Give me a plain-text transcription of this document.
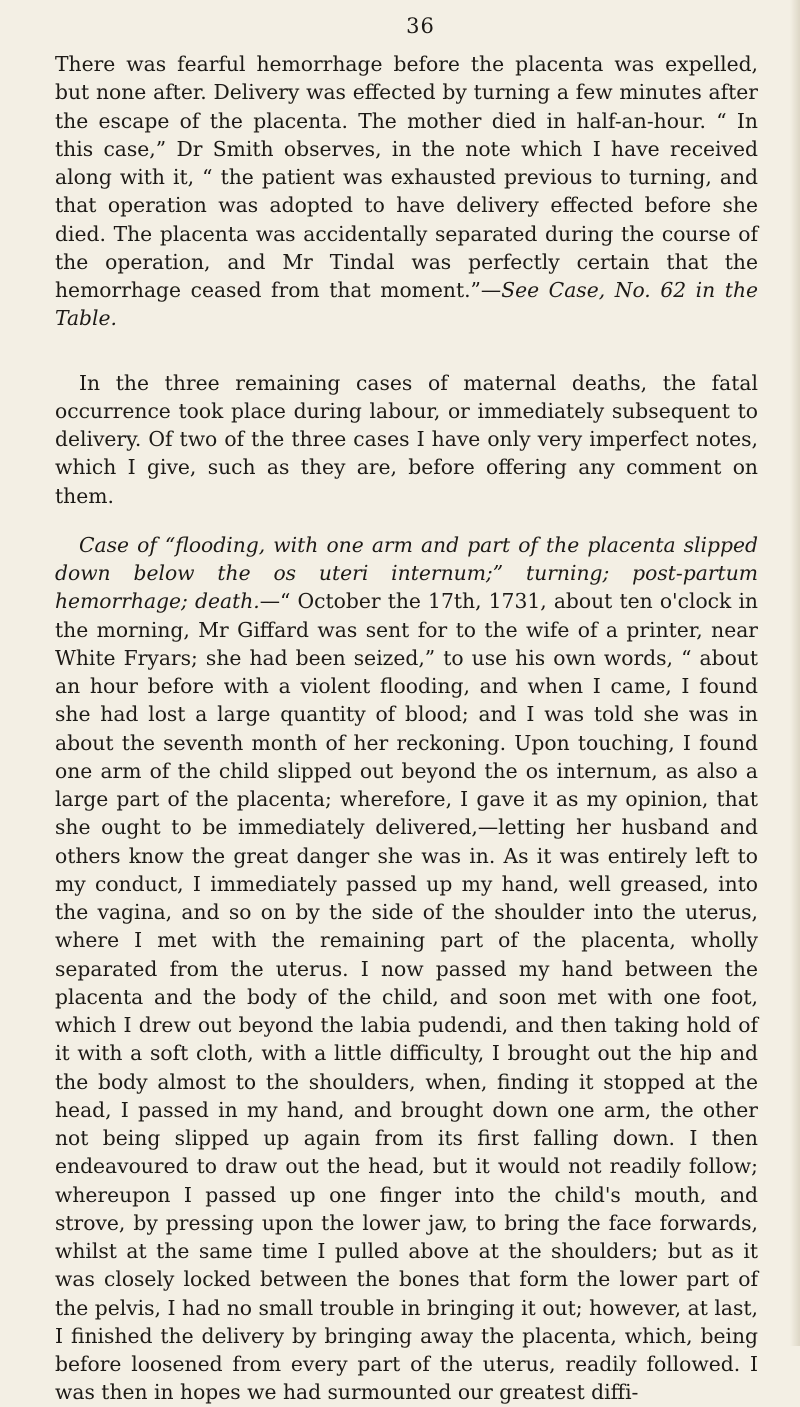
36

There was fearful hemorrhage before the placenta was expelled, but none after. Delivery was effected by turning a few minutes after the escape of the placenta. The mother died in half-an-hour. “ In this case,” Dr Smith observes, in the note which I have received along with it, “ the patient was exhausted previous to turning, and that operation was adopted to have delivery effected before she died. The placenta was accidentally separated during the course of the operation, and Mr Tindal was perfectly certain that the hemorrhage ceased from that moment.”—See Case, No. 62 in the Table.

In the three remaining cases of maternal deaths, the fatal occurrence took place during labour, or immediately subsequent to delivery. Of two of the three cases I have only very imperfect notes, which I give, such as they are, before offering any comment on them.

Case of “flooding, with one arm and part of the placenta slipped down below the os uteri internum;” turning; post-partum hemorrhage; death.—“ October the 17th, 1731, about ten o'clock in the morning, Mr Giffard was sent for to the wife of a printer, near White Fryars; she had been seized,” to use his own words, “ about an hour before with a violent flooding, and when I came, I found she had lost a large quantity of blood; and I was told she was in about the seventh month of her reckoning. Upon touching, I found one arm of the child slipped out beyond the os internum, as also a large part of the placenta; wherefore, I gave it as my opinion, that she ought to be immediately delivered,—letting her husband and others know the great danger she was in. As it was entirely left to my conduct, I immediately passed up my hand, well greased, into the vagina, and so on by the side of the shoulder into the uterus, where I met with the remaining part of the placenta, wholly separated from the uterus. I now passed my hand between the placenta and the body of the child, and soon met with one foot, which I drew out beyond the labia pudendi, and then taking hold of it with a soft cloth, with a little difficulty, I brought out the hip and the body almost to the shoulders, when, finding it stopped at the head, I passed in my hand, and brought down one arm, the other not being slipped up again from its first falling down. I then endeavoured to draw out the head, but it would not readily follow; whereupon I passed up one finger into the child's mouth, and strove, by pressing upon the lower jaw, to bring the face forwards, whilst at the same time I pulled above at the shoulders; but as it was closely locked between the bones that form the lower part of the pelvis, I had no small trouble in bringing it out; however, at last, I finished the delivery by bringing away the placenta, which, being before loosened from every part of the uterus, readily followed. I was then in hopes we had surmounted our greatest diffi-
